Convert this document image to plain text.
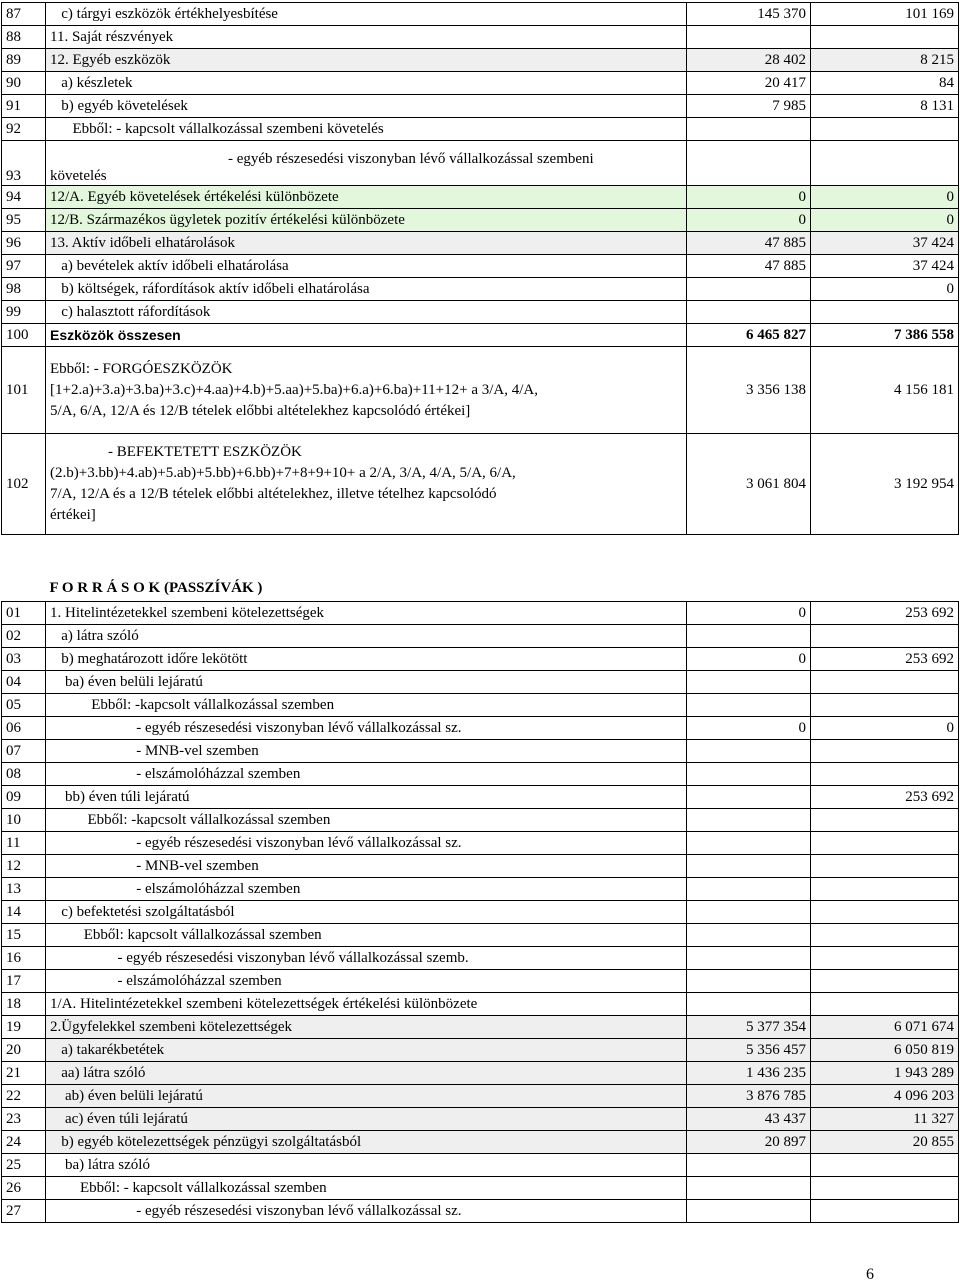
87	c) tárgyi eszközök értékhelyesbítése	145 370	101 169
88	11. Saját részvények		
89	12. Egyéb eszközök	28 402	8 215
90	a) készletek	20 417	84
91	b) egyéb követelések	7 985	8 131
92	Ebből: - kapcsolt vállalkozással szembeni követelés		
93	- egyéb részesedési viszonyban lévő vállalkozással szembeni
követelés		

94	12/A. Egyéb követelések értékelési különbözete	0	0
95	12/B. Származékos ügyletek pozitív értékelési különbözete	0	0
96	13. Aktív időbeli elhatárolások	47 885	37 424
97	a) bevételek aktív időbeli elhatárolása	47 885	37 424
98	b) költségek, ráfordítások aktív időbeli elhatárolása		0
99	c) halasztott ráfordítások		
100	Eszközök összesen	6 465 827	7 386 558
101	Ebből: - FORGÓESZKÖZÖK
[1+2.a)+3.a)+3.ba)+3.c)+4.aa)+4.b)+5.aa)+5.ba)+6.a)+6.ba)+11+12+ a 3/A, 4/A,
5/A, 6/A, 12/A és 12/B tételek előbbi altételekhez kapcsolódó értékei]	3 356 138	4 156 181
102	- BEFEKTETETT ESZKÖZÖK
(2.b)+3.bb)+4.ab)+5.ab)+5.bb)+6.bb)+7+8+9+10+ a 2/A, 3/A, 4/A, 5/A, 6/A,
7/A, 12/A és a 12/B tételek előbbi altételekhez, illetve tételhez kapcsolódó
értékei]	3 061 804	3 192 954
	F O R R Á S O K (PASSZÍVÁK )		
01	1. Hitelintézetekkel szembeni kötelezettségek	0	253 692
02	a) látra szóló		
03	b) meghatározott időre lekötött	0	253 692
04	ba) éven belüli lejáratú		
05	Ebből: -kapcsolt vállalkozással szemben		
06	- egyéb részesedési viszonyban lévő vállalkozással sz.	0	0
07	- MNB-vel szemben		
08	- elszámolóházzal szemben		
09	bb) éven túli lejáratú		253 692
10	Ebből: -kapcsolt vállalkozással szemben		
11	- egyéb részesedési viszonyban lévő vállalkozással sz.		
12	- MNB-vel szemben		
13	- elszámolóházzal szemben		
14	c) befektetési szolgáltatásból		
15	Ebből: kapcsolt vállalkozással szemben		
16	- egyéb részesedési viszonyban lévő vállalkozással szemb.		
17	- elszámolóházzal szemben		
18	1/A. Hitelintézetekkel szembeni kötelezettségek értékelési különbözete		
19	2.Ügyfelekkel szembeni kötelezettségek	5 377 354	6 071 674
20	a) takarékbetétek	5 356 457	6 050 819
21	aa) látra szóló	1 436 235	1 943 289
22	ab) éven belüli lejáratú	3 876 785	4 096 203
23	ac) éven túli lejáratú	43 437	11 327
24	b) egyéb kötelezettségek pénzügyi szolgáltatásból	20 897	20 855
25	ba) látra szóló		
26	Ebből: - kapcsolt vállalkozással szemben		
27	- egyéb részesedési viszonyban lévő vállalkozással sz.		
6
